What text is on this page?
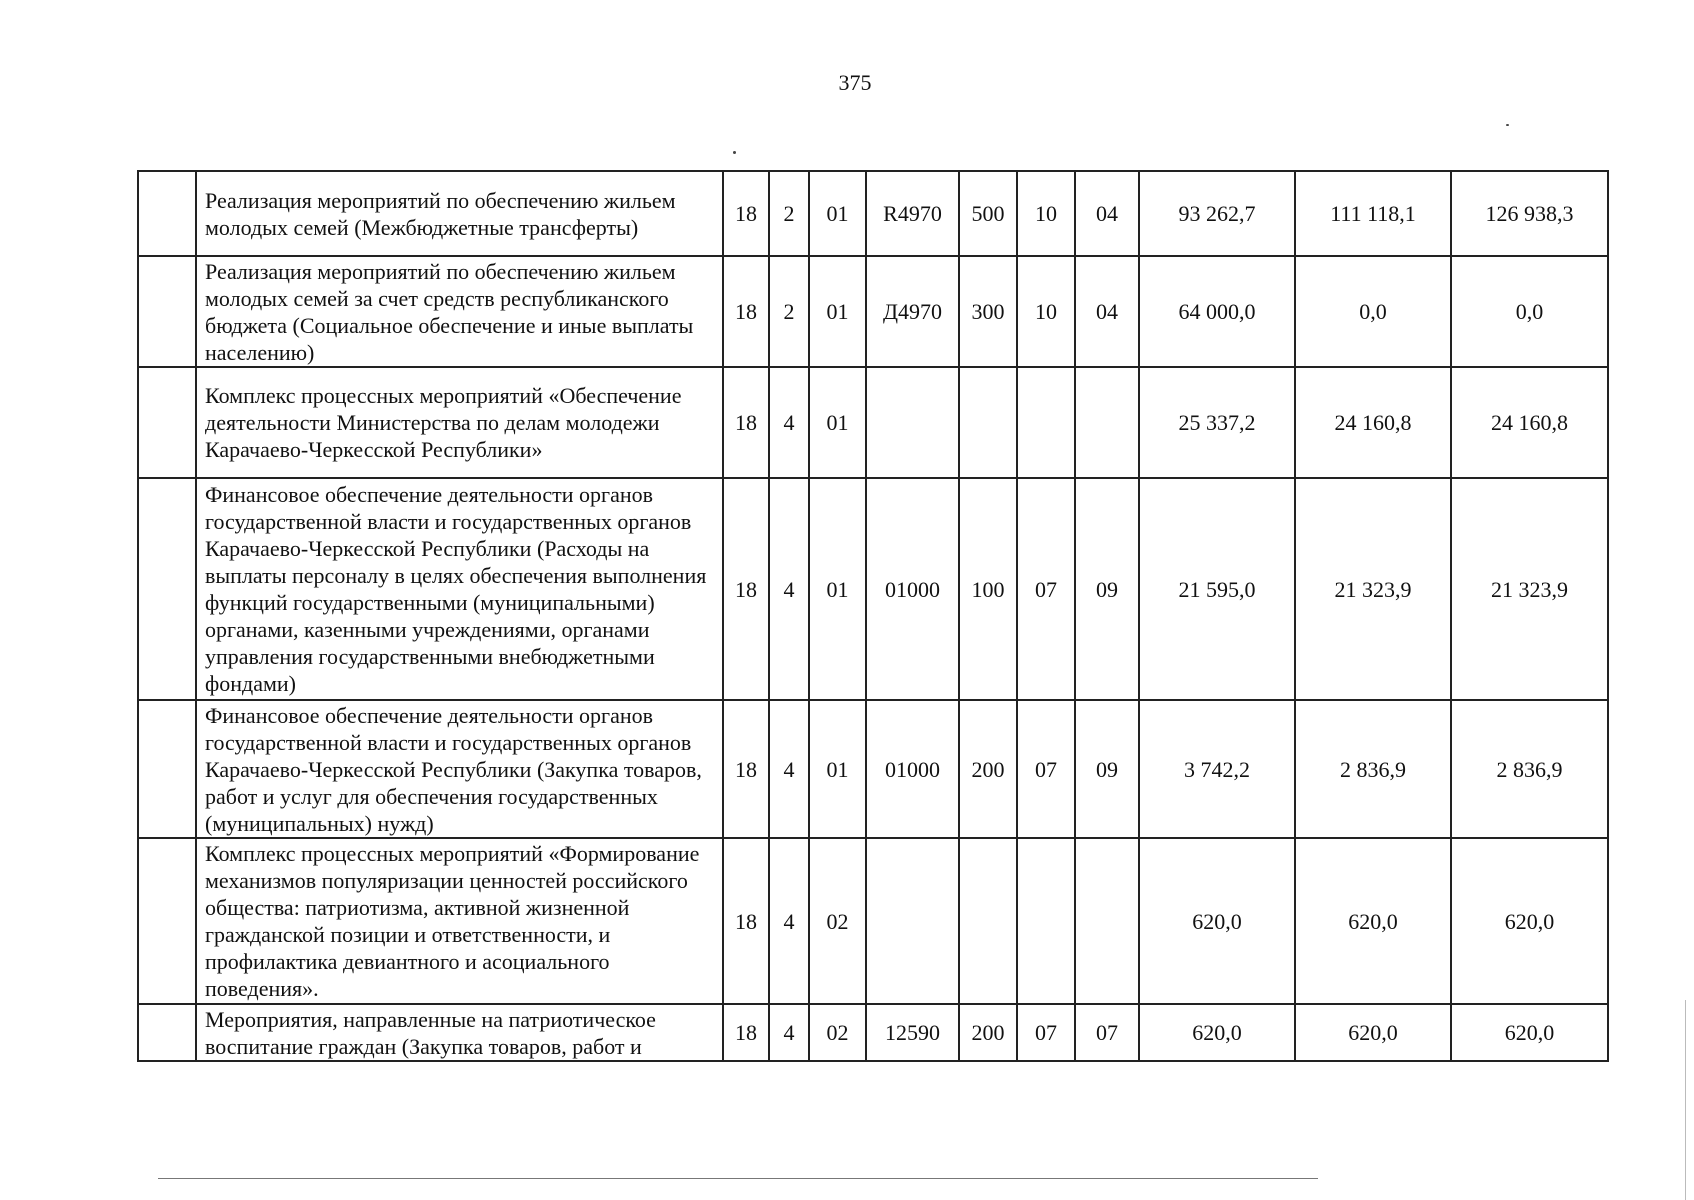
375
	Реализация мероприятий по обеспечению жильем молодых семей (Межбюджетные трансферты)	18	2	01	R4970	500	10	04	93 262,7	111 118,1	126 938,3
	Реализация мероприятий по обеспечению жильем молодых семей за счет средств республиканского бюджета (Социальное обеспечение и иные выплаты населению)	18	2	01	Д4970	300	10	04	64 000,0	0,0	0,0
	Комплекс процессных мероприятий «Обеспечение деятельности Министерства по делам молодежи Карачаево-Черкесской Республики»	18	4	01					25 337,2	24 160,8	24 160,8
	Финансовое обеспечение деятельности органов государственной власти и государственных органов Карачаево-Черкесской Республики (Расходы на выплаты персоналу в целях обеспечения выполнения функций государственными (муниципальными) органами, казенными учреждениями, органами управления государственными внебюджетными фондами)	18	4	01	01000	100	07	09	21 595,0	21 323,9	21 323,9
	Финансовое обеспечение деятельности органов государственной власти и государственных органов Карачаево-Черкесской Республики (Закупка товаров, работ и услуг для обеспечения государственных (муниципальных) нужд)	18	4	01	01000	200	07	09	3 742,2	2 836,9	2 836,9
	Комплекс процессных мероприятий «Формирование механизмов популяризации ценностей российского общества: патриотизма, активной жизненной гражданской позиции и ответственности, и профилактика девиантного и асоциального поведения».	18	4	02					620,0	620,0	620,0
	Мероприятия, направленные на патриотическое воспитание граждан (Закупка товаров, работ и	18	4	02	12590	200	07	07	620,0	620,0	620,0
